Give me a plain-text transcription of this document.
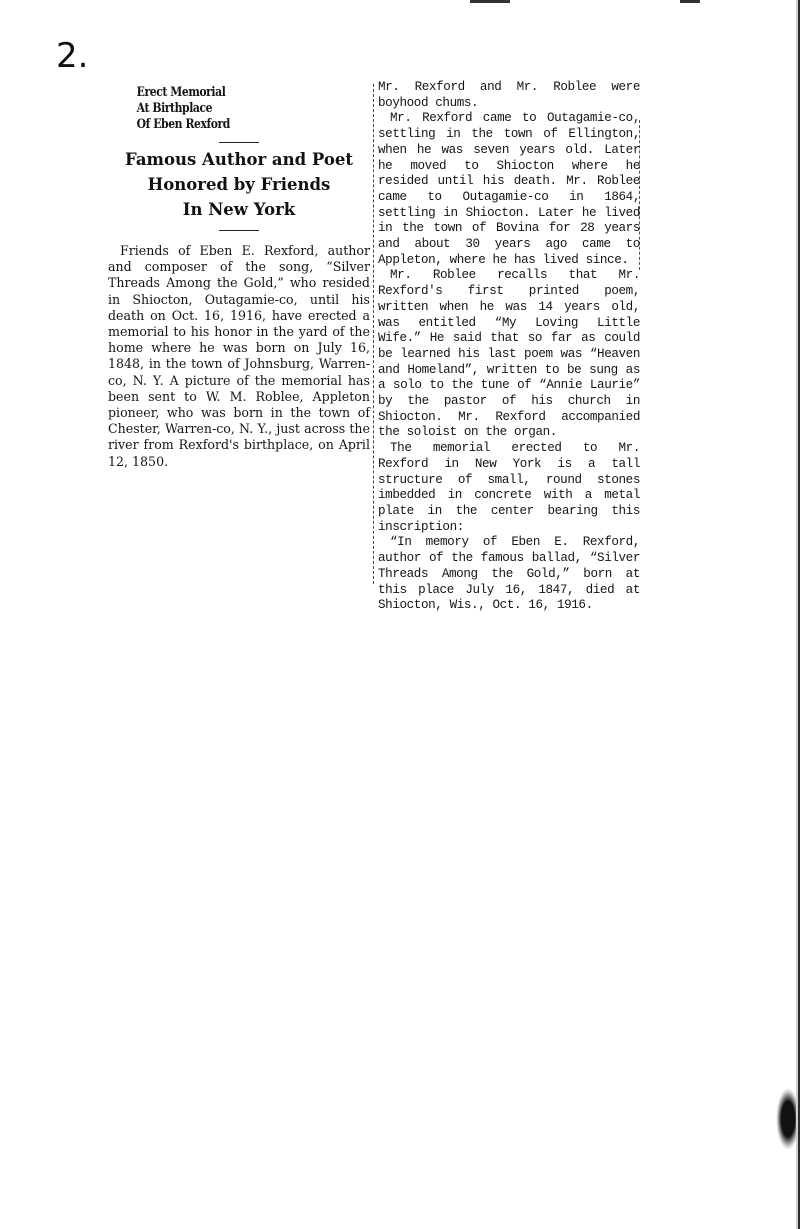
2.

Erect Memorial

At Birthplace

Of Eben Rexford

Famous Author and Poet
Honored by Friends
In New York

Friends of Eben E. Rexford, author and composer of the song, “Silver Threads Among the Gold,” who resided in Shiocton, Outagamie-co, until his death on Oct. 16, 1916, have erected a memorial to his honor in the yard of the home where he was born on July 16, 1848, in the town of Johnsburg, Warren-co, N. Y. A picture of the memorial has been sent to W. M. Roblee, Appleton pioneer, who was born in the town of Chester, Warren-co, N. Y., just across the river from Rexford's birthplace, on April 12, 1850.

Mr. Rexford and Mr. Roblee were boyhood chums.

Mr. Rexford came to Outagamie-co, settling in the town of Ellington, when he was seven years old. Later he moved to Shiocton where he resided until his death. Mr. Roblee came to Outagamie-co in 1864, settling in Shiocton. Later he lived in the town of Bovina for 28 years and about 30 years ago came to Appleton, where he has lived since.

Mr. Roblee recalls that Mr. Rexford's first printed poem, written when he was 14 years old, was entitled “My Loving Little Wife.” He said that so far as could be learned his last poem was “Heaven and Homeland”, written to be sung as a solo to the tune of “Annie Laurie” by the pastor of his church in Shiocton. Mr. Rexford accompanied the soloist on the organ.

The memorial erected to Mr. Rexford in New York is a tall structure of small, round stones imbedded in concrete with a metal plate in the center bearing this inscription:

“In memory of Eben E. Rexford, author of the famous ballad, “Silver Threads Among the Gold,” born at this place July 16, 1847, died at Shiocton, Wis., Oct. 16, 1916.
